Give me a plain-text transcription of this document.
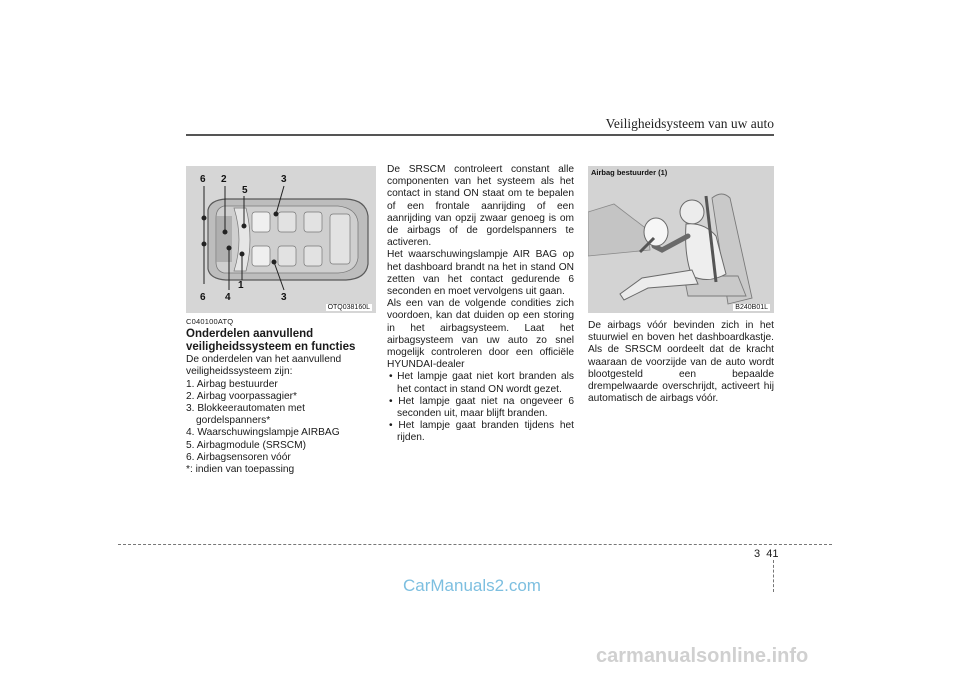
Veiligheidsysteem van uw auto
6 2
5
3
1
6 4	3
OTQ038160L
Airbag bestuurder (1)
B240B01L

C040100ATQ

Onderdelen aanvullend veiligheidssysteem en functies

De onderdelen van het aanvullend veiligheidssysteem zijn:

1. Airbag bestuurder

2. Airbag voorpassagier*

3. Blokkeerautomaten met gordelspanners*

4. Waarschuwingslampje AIRBAG

5. Airbagmodule (SRSCM)

6. Airbagsensoren vóór

*: indien van toepassing

De SRSCM controleert constant alle componenten van het systeem als het contact in stand ON staat om te bepalen of een frontale aanrijding of een aanrijding van opzij zwaar genoeg is om de airbags of de gordelspanners te activeren.

Het waarschuwingslampje AIR BAG op het dashboard brandt na het in stand ON zetten van het contact gedurende 6 seconden en moet vervolgens uit gaan.

Als een van de volgende condities zich voordoen, kan dat duiden op een storing in het airbagsysteem. Laat het airbagsysteem van uw auto zo snel mogelijk controleren door een officiële HYUNDAI-dealer

• Het lampje gaat niet kort branden als het contact in stand ON wordt gezet.

• Het lampje gaat niet na ongeveer 6 seconden uit, maar blijft branden.

• Het lampje gaat branden tijdens het rijden.

De airbags vóór bevinden zich in het stuurwiel en boven het dashboardkastje. Als de SRSCM oordeelt dat de kracht waaraan de voorzijde van de auto wordt blootgesteld een bepaalde drempelwaarde overschrijdt, activeert hij automatisch de airbags vóór.

3 41
CarManuals2.com
carmanualsonline.info
